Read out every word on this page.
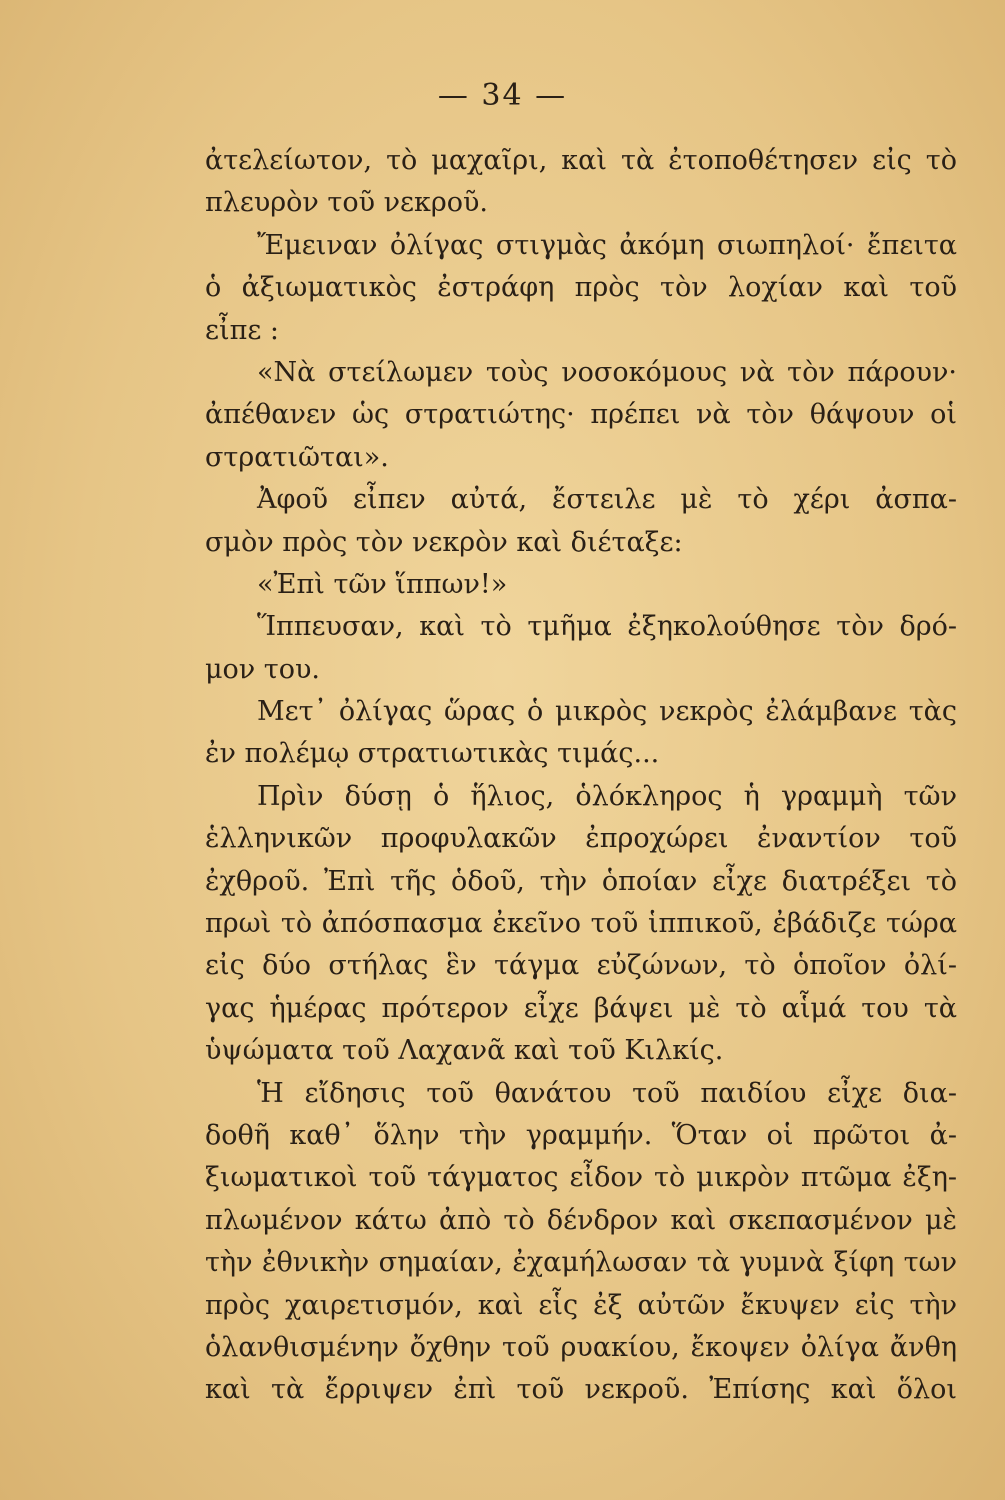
— 34 —
ἀτελείωτον, τὸ μαχαῖρι, καὶ τὰ ἐτοποθέτησεν εἰς τὸ
πλευρὸν τοῦ νεκροῦ.
Ἔμειναν ὀλίγας στιγμὰς ἀκόμη σιωπηλοί· ἔπειτα
ὁ ἀξιωματικὸς ἐστράφη πρὸς τὸν λοχίαν καὶ τοῦ
εἶπε :
«Νὰ στείλωμεν τοὺς νοσοκόμους νὰ τὸν πάρουν·
ἀπέθανεν ὡς στρατιώτης· πρέπει νὰ τὸν θάψουν οἱ
στρατιῶται».
Ἀφοῦ εἶπεν αὐτά, ἔστειλε μὲ τὸ χέρι ἀσπα-
σμὸν πρὸς τὸν νεκρὸν καὶ διέταξε:
«Ἐπὶ τῶν ἵππων!»
Ἵππευσαν, καὶ τὸ τμῆμα ἐξηκολούθησε τὸν δρό-
μον του.
Μετ᾽ ὀλίγας ὥρας ὁ μικρὸς νεκρὸς ἐλάμβανε τὰς
ἐν πολέμῳ στρατιωτικὰς τιμάς...
Πρὶν δύσῃ ὁ ἥλιος, ὁλόκληρος ἡ γραμμὴ τῶν
ἑλληνικῶν προφυλακῶν ἐπροχώρει ἐναντίον τοῦ
ἐχθροῦ. Ἐπὶ τῆς ὁδοῦ, τὴν ὁποίαν εἶχε διατρέξει τὸ
πρωὶ τὸ ἀπόσπασμα ἐκεῖνο τοῦ ἱππικοῦ, ἐβάδιζε τώρα
εἰς δύο στήλας ἓν τάγμα εὐζώνων, τὸ ὁποῖον ὀλί-
γας ἡμέρας πρότερον εἶχε βάψει μὲ τὸ αἷμά του τὰ
ὑψώματα τοῦ Λαχανᾶ καὶ τοῦ Κιλκίς.
Ἡ εἴδησις τοῦ θανάτου τοῦ παιδίου εἶχε δια-
δοθῆ καθ᾽ ὅλην τὴν γραμμήν. Ὅταν οἱ πρῶτοι ἀ-
ξιωματικοὶ τοῦ τάγματος εἶδον τὸ μικρὸν πτῶμα ἐξη-
πλωμένον κάτω ἀπὸ τὸ δένδρον καὶ σκεπασμένον μὲ
τὴν ἐθνικὴν σημαίαν, ἐχαμήλωσαν τὰ γυμνὰ ξίφη των
πρὸς χαιρετισμόν, καὶ εἷς ἐξ αὐτῶν ἔκυψεν εἰς τὴν
ὁλανθισμένην ὄχθην τοῦ ρυακίου, ἔκοψεν ὀλίγα ἄνθη
καὶ τὰ ἔρριψεν ἐπὶ τοῦ νεκροῦ. Ἐπίσης καὶ ὅλοι
